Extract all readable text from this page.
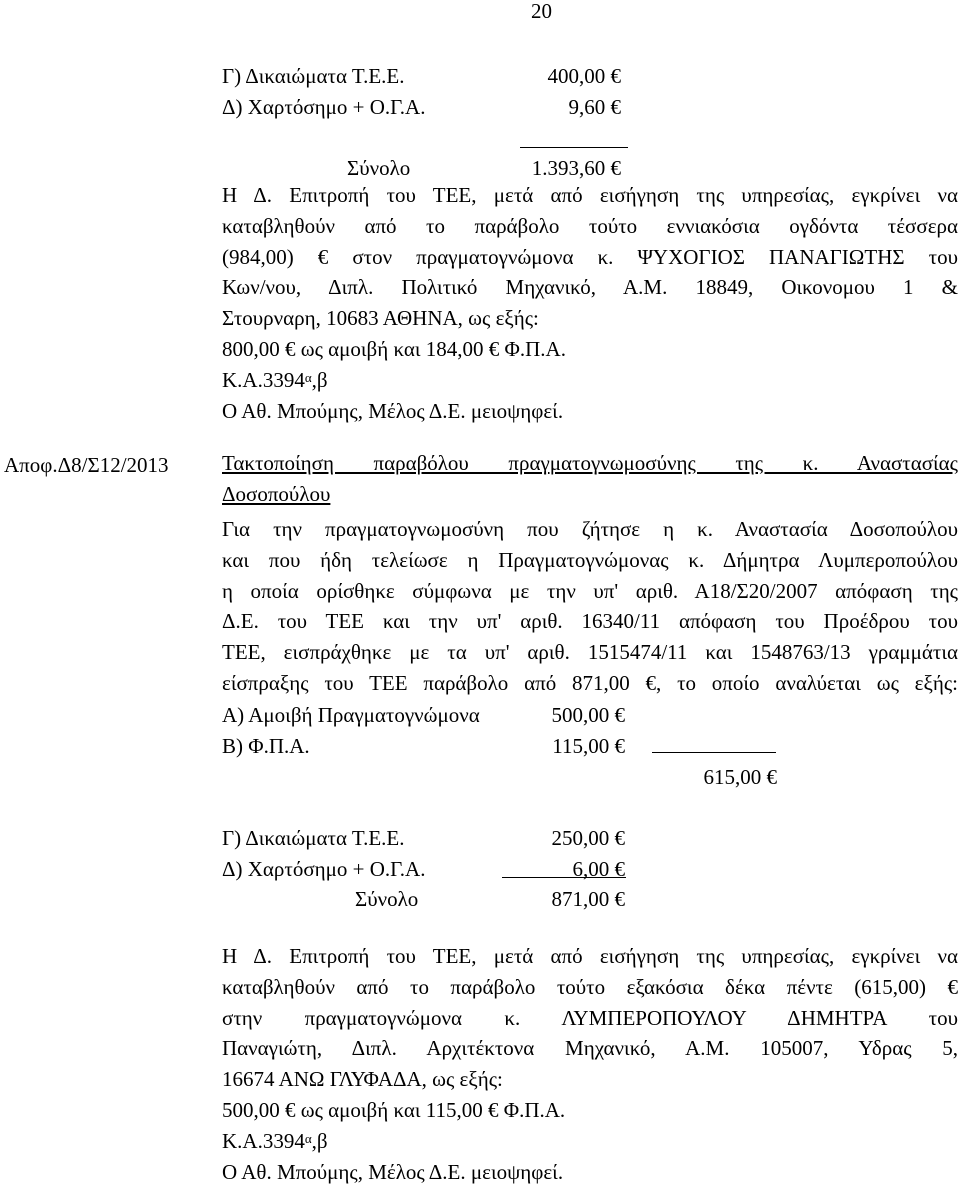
20
Γ) Δικαιώματα Τ.Ε.Ε.	400,00 €
Δ) Χαρτόσημο + Ο.Γ.Α.	9,60 €
Σύνολο	1.393,60 €
Η Δ. Επιτροπή του ΤΕΕ, μετά από εισήγηση της υπηρεσίας, εγκρίνει να
καταβληθούν από το παράβολο τούτο εννιακόσια ογδόντα τέσσερα
(984,00) € στον πραγματογνώμονα κ. ΨΥΧΟΓΙΟΣ ΠΑΝΑΓΙΩΤΗΣ του
Κων/νου, Διπλ. Πολιτικό Μηχανικό, Α.Μ. 18849, Οικονομου 1 &
Στουρναρη, 10683 ΑΘΗΝΑ, ως εξής:
800,00 € ως αμοιβή και 184,00 € Φ.Π.Α.
$K.A.3394^\alpha,\beta$
Ο Αθ. Μπούμης, Μέλος Δ.Ε. μειοψηφεί.
Αποφ.Δ8/Σ12/2013	Τακτοποίηση παραβόλου πραγματογνωμοσύνης της κ. Αναστασίας
Δοσοπούλου
Για την πραγματογνωμοσύνη που ζήτησε η κ. Αναστασία Δοσοπούλου
και που ήδη τελείωσε η Πραγματογνώμονας κ. Δήμητρα Λυμπεροπούλου
η οποία ορίσθηκε σύμφωνα με την υπ' αριθ. Α18/Σ20/2007 απόφαση της
Δ.Ε. του ΤΕΕ και την υπ' αριθ. 16340/11 απόφαση του Προέδρου του
ΤΕΕ, εισπράχθηκε με τα υπ' αριθ. 1515474/11 και 1548763/13 γραμμάτια
είσπραξης του ΤΕΕ παράβολο από 871,00 €, το οποίο αναλύεται ως εξής:
Α) Αμοιβή Πραγματογνώμονα	500,00 €
Β) Φ.Π.Α.	115,00 €
615,00 €
Γ) Δικαιώματα Τ.Ε.Ε.	250,00 €
Δ) Χαρτόσημο + Ο.Γ.Α.	6,00 €
Σύνολο	871,00 €
Η Δ. Επιτροπή του ΤΕΕ, μετά από εισήγηση της υπηρεσίας, εγκρίνει να
καταβληθούν από το παράβολο τούτο εξακόσια δέκα πέντε (615,00) €
στην πραγματογνώμονα κ. ΛΥΜΠΕΡΟΠΟΥΛΟΥ ΔΗΜΗΤΡΑ του
Παναγιώτη, Διπλ. Αρχιτέκτονα Μηχανικό, Α.Μ. 105007, Υδρας 5,
16674 ΑΝΩ ΓΛΥΦΑΔΑ, ως εξής:
500,00 € ως αμοιβή και 115,00 € Φ.Π.Α.
$K.A.3394^\alpha,\beta$
Ο Αθ. Μπούμης, Μέλος Δ.Ε. μειοψηφεί.
